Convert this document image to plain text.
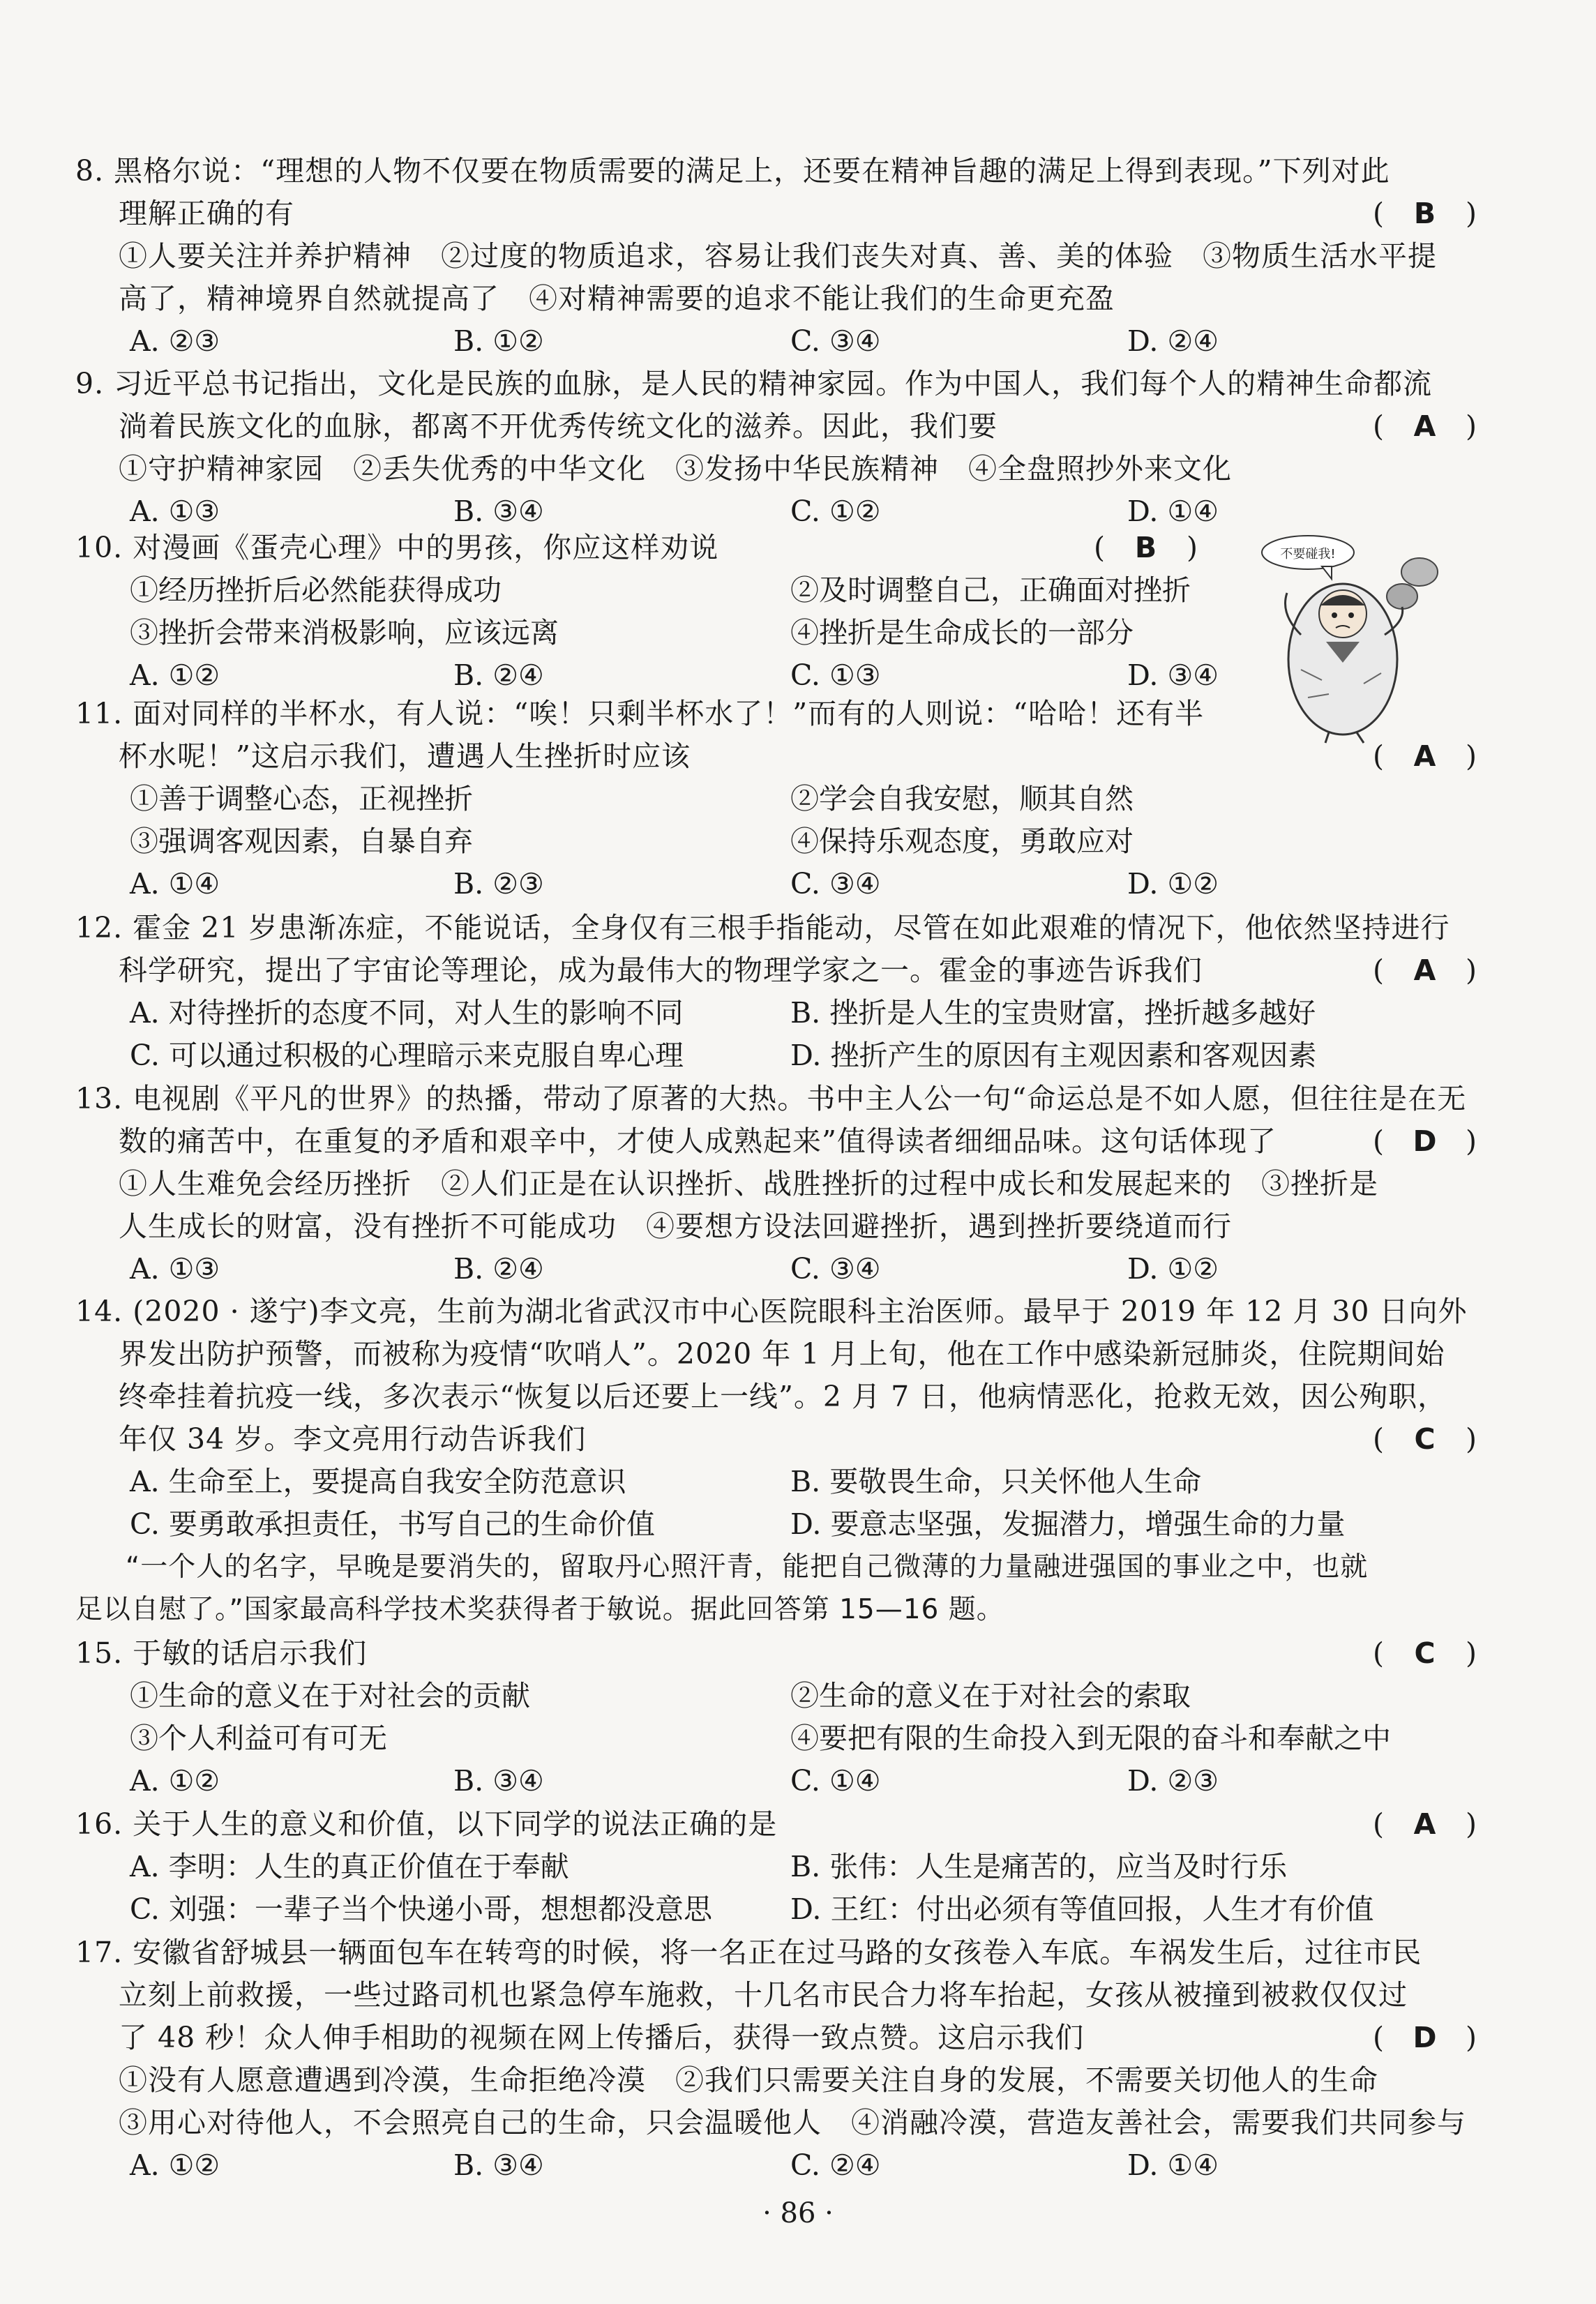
8. 黑格尔说：“理想的人物不仅要在物质需要的满足上，还要在精神旨趣的满足上得到表现。”下列对此
理解正确的有	( B )
①人要关注并养护精神　②过度的物质追求，容易让我们丧失对真、善、美的体验　③物质生活水平提
高了，精神境界自然就提高了　④对精神需要的追求不能让我们的生命更充盈
A. ②③	B. ①②	C. ③④	D. ②④
9. 习近平总书记指出，文化是民族的血脉，是人民的精神家园。作为中国人，我们每个人的精神生命都流
淌着民族文化的血脉，都离不开优秀传统文化的滋养。因此，我们要	( A )
①守护精神家园　②丢失优秀的中华文化　③发扬中华民族精神　④全盘照抄外来文化
A. ①③	B. ③④	C. ①②	D. ①④
10. 对漫画《蛋壳心理》中的男孩，你应这样劝说	( B )
①经历挫折后必然能获得成功	②及时调整自己，正确面对挫折
③挫折会带来消极影响，应该远离	④挫折是生命成长的一部分
A. ①②	B. ②④	C. ①③	D. ③④
不要碰我!
11. 面对同样的半杯水，有人说：“唉！只剩半杯水了！”而有的人则说：“哈哈！还有半
杯水呢！”这启示我们，遭遇人生挫折时应该	( A )
①善于调整心态，正视挫折	②学会自我安慰，顺其自然
③强调客观因素，自暴自弃	④保持乐观态度，勇敢应对
A. ①④	B. ②③	C. ③④	D. ①②
12. 霍金 21 岁患渐冻症，不能说话，全身仅有三根手指能动，尽管在如此艰难的情况下，他依然坚持进行
科学研究，提出了宇宙论等理论，成为最伟大的物理学家之一。霍金的事迹告诉我们	( A )
A. 对待挫折的态度不同，对人生的影响不同	B. 挫折是人生的宝贵财富，挫折越多越好
C. 可以通过积极的心理暗示来克服自卑心理	D. 挫折产生的原因有主观因素和客观因素
13. 电视剧《平凡的世界》的热播，带动了原著的大热。书中主人公一句“命运总是不如人愿，但往往是在无
数的痛苦中，在重复的矛盾和艰辛中，才使人成熟起来”值得读者细细品味。这句话体现了	( D )
①人生难免会经历挫折　②人们正是在认识挫折、战胜挫折的过程中成长和发展起来的　③挫折是
人生成长的财富，没有挫折不可能成功　④要想方设法回避挫折，遇到挫折要绕道而行
A. ①③	B. ②④	C. ③④	D. ①②
14. (2020 · 遂宁)李文亮，生前为湖北省武汉市中心医院眼科主治医师。最早于 2019 年 12 月 30 日向外
界发出防护预警，而被称为疫情“吹哨人”。2020 年 1 月上旬，他在工作中感染新冠肺炎，住院期间始
终牵挂着抗疫一线，多次表示“恢复以后还要上一线”。2 月 7 日，他病情恶化，抢救无效，因公殉职，
年仅 34 岁。李文亮用行动告诉我们	( C )
A. 生命至上，要提高自我安全防范意识	B. 要敬畏生命，只关怀他人生命
C. 要勇敢承担责任，书写自己的生命价值	D. 要意志坚强，发掘潜力，增强生命的力量
“一个人的名字，早晚是要消失的，留取丹心照汗青，能把自己微薄的力量融进强国的事业之中，也就
足以自慰了。”国家最高科学技术奖获得者于敏说。据此回答第 15—16 题。
15. 于敏的话启示我们	( C )
①生命的意义在于对社会的贡献	②生命的意义在于对社会的索取
③个人利益可有可无	④要把有限的生命投入到无限的奋斗和奉献之中
A. ①②	B. ③④	C. ①④	D. ②③
16. 关于人生的意义和价值，以下同学的说法正确的是	( A )
A. 李明：人生的真正价值在于奉献	B. 张伟：人生是痛苦的，应当及时行乐
C. 刘强：一辈子当个快递小哥，想想都没意思	D. 王红：付出必须有等值回报，人生才有价值
17. 安徽省舒城县一辆面包车在转弯的时候，将一名正在过马路的女孩卷入车底。车祸发生后，过往市民
立刻上前救援，一些过路司机也紧急停车施救，十几名市民合力将车抬起，女孩从被撞到被救仅仅过
了 48 秒！众人伸手相助的视频在网上传播后，获得一致点赞。这启示我们	( D )
①没有人愿意遭遇到冷漠，生命拒绝冷漠　②我们只需要关注自身的发展，不需要关切他人的生命
③用心对待他人，不会照亮自己的生命，只会温暖他人　④消融冷漠，营造友善社会，需要我们共同参与
A. ①②	B. ③④	C. ②④	D. ①④
· 86 ·
